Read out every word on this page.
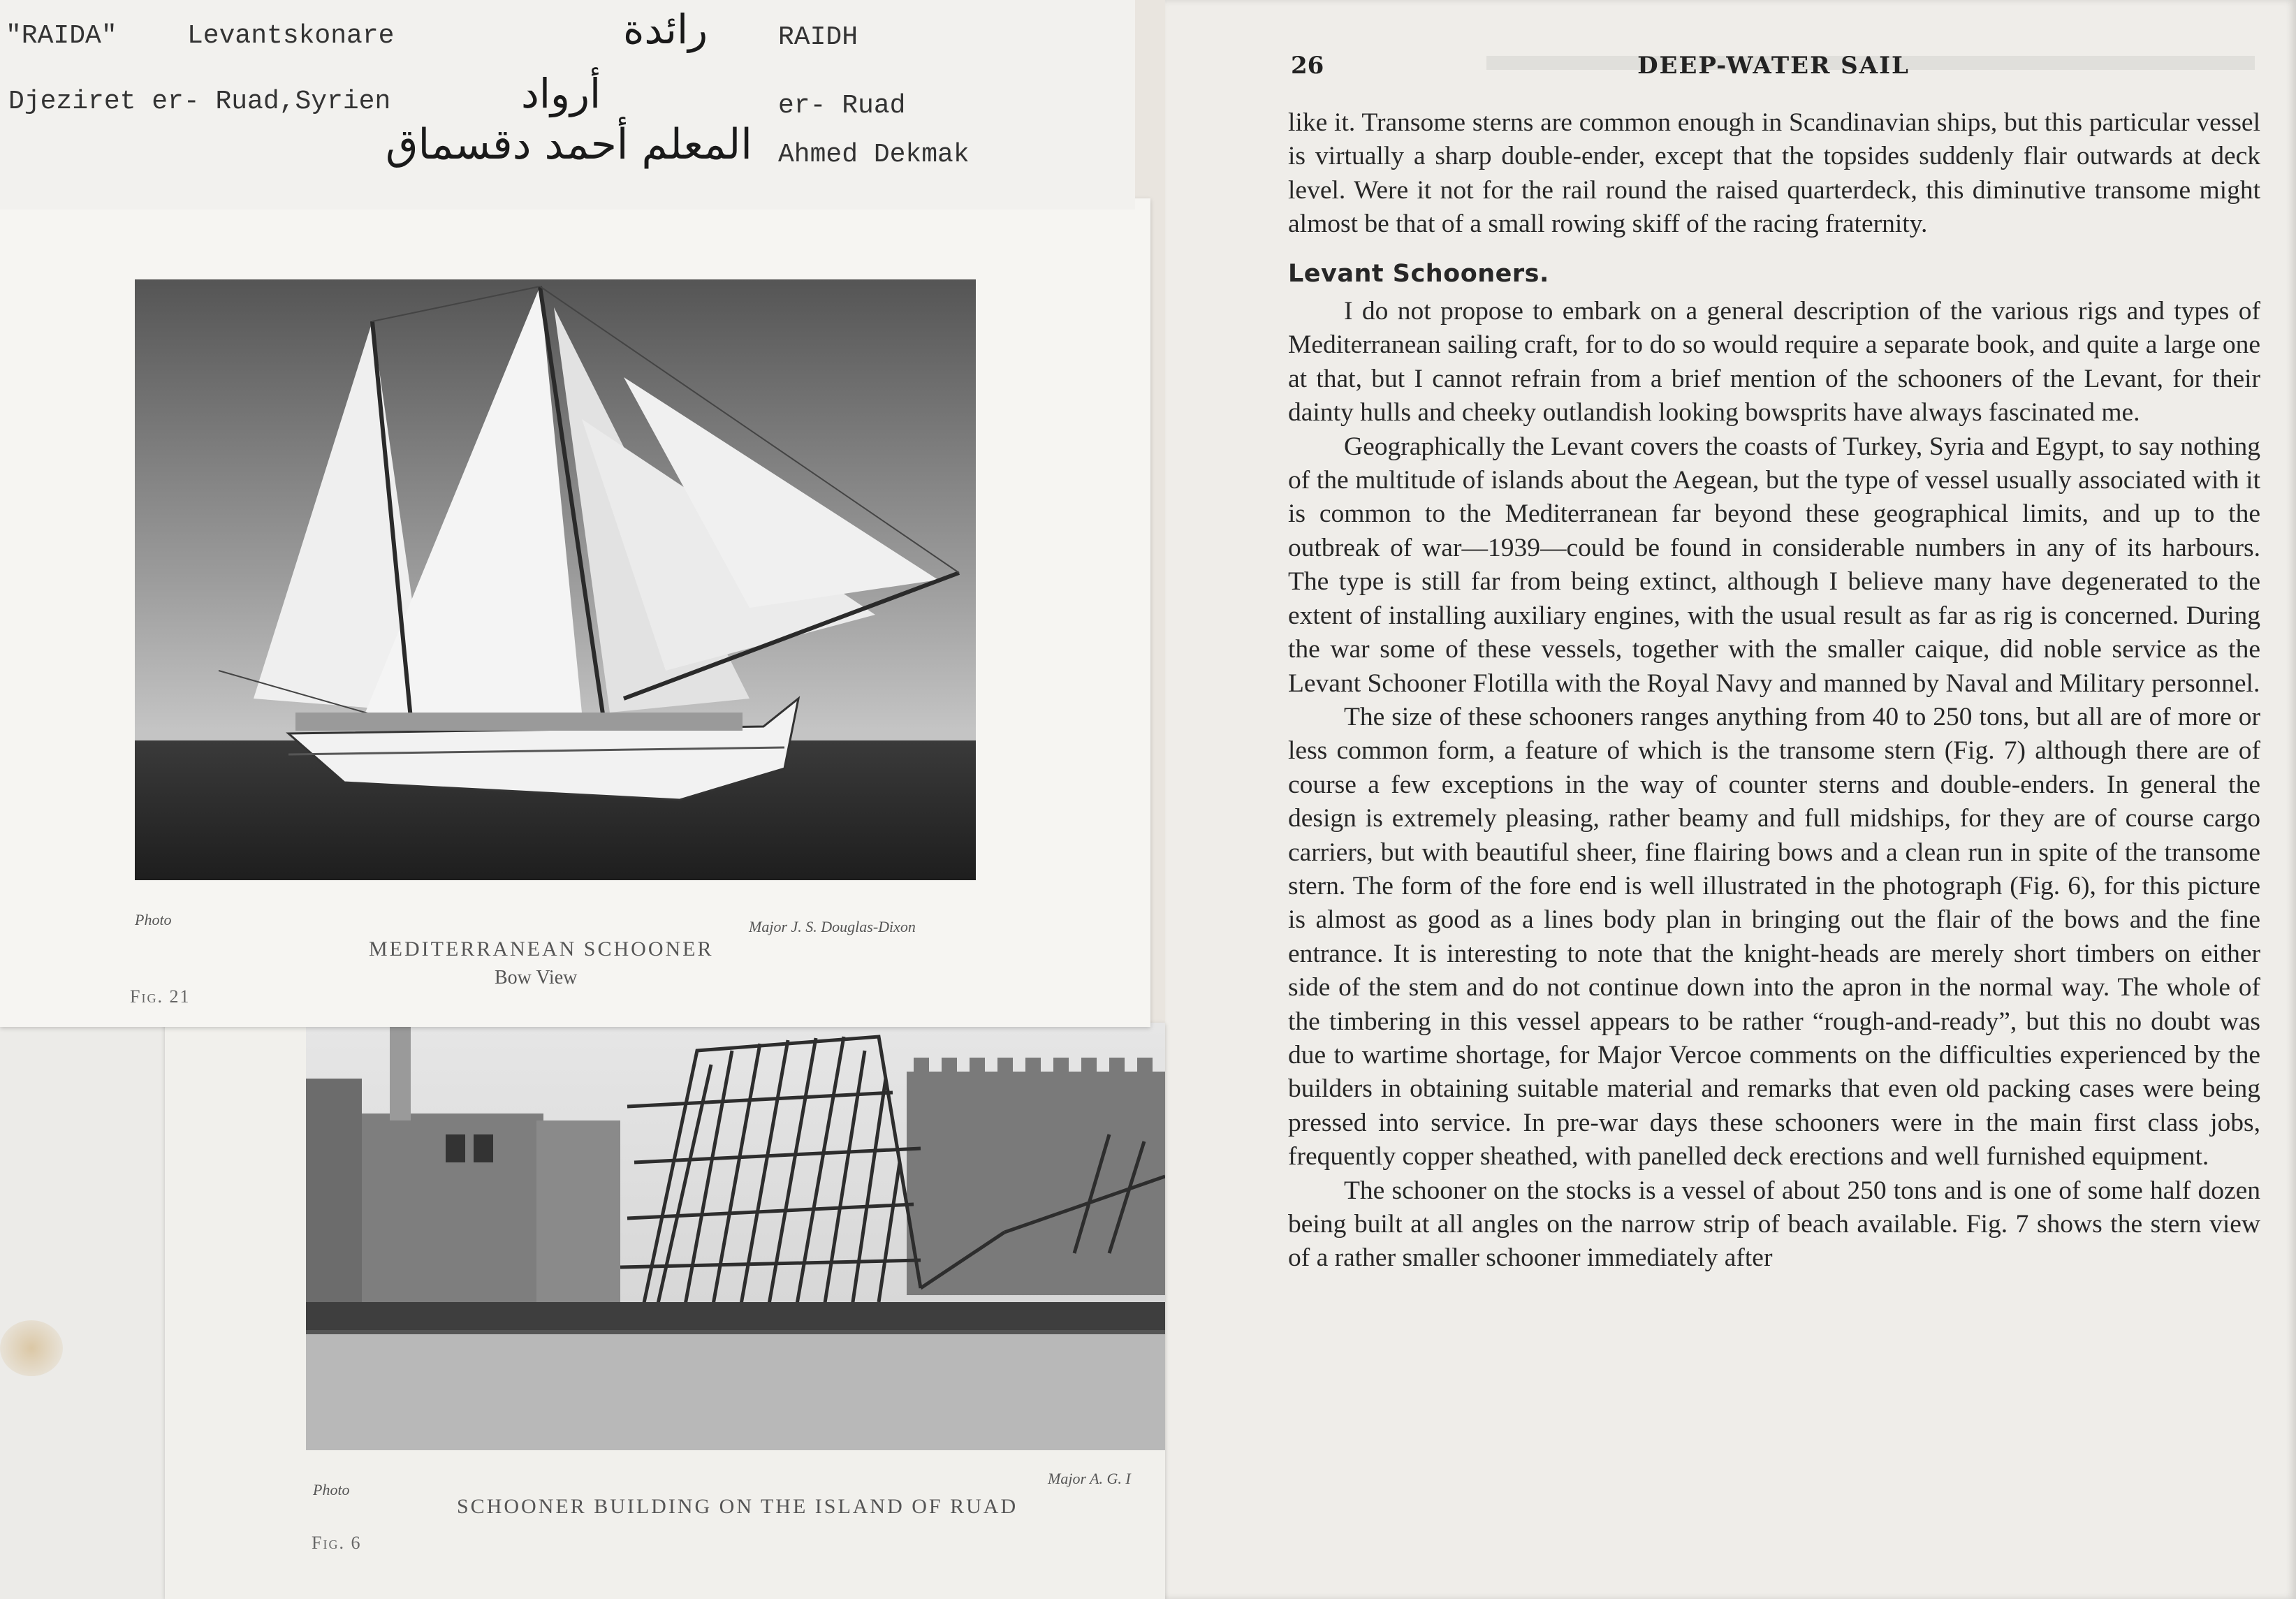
DEEP-WATER SAIL
26

like it. Transome sterns are common enough in Scandinavian ships, but this particular vessel is virtually a sharp double-ender, except that the topsides suddenly flair outwards at deck level. Were it not for the rail round the raised quarterdeck, this diminutive transome might almost be that of a small rowing skiff of the racing fraternity.

Levant Schooners.

I do not propose to embark on a general description of the various rigs and types of Mediterranean sailing craft, for to do so would require a separate book, and quite a large one at that, but I cannot refrain from a brief mention of the schooners of the Levant, for their dainty hulls and cheeky outlandish looking bowsprits have always fascinated me.

Geographically the Levant covers the coasts of Turkey, Syria and Egypt, to say nothing of the multitude of islands about the Aegean, but the type of vessel usually associated with it is common to the Mediterranean far beyond these geographical limits, and up to the outbreak of war—1939—could be found in considerable numbers in any of its harbours. The type is still far from being extinct, although I believe many have degenerated to the extent of installing auxiliary engines, with the usual result as far as rig is concerned. During the war some of these vessels, together with the smaller caique, did noble service as the Levant Schooner Flotilla with the Royal Navy and manned by Naval and Military personnel.

The size of these schooners ranges anything from 40 to 250 tons, but all are of more or less common form, a feature of which is the transome stern (Fig. 7) although there are of course a few exceptions in the way of counter sterns and double-enders. In general the design is extremely pleasing, rather beamy and full midships, for they are of course cargo carriers, but with beautiful sheer, fine flairing bows and a clean run in spite of the transome stern. The form of the fore end is well illustrated in the photograph (Fig. 6), for this picture is almost as good as a lines body plan in bringing out the flair of the bows and the fine entrance. It is interesting to note that the knight-heads are merely short timbers on either side of the stem and do not continue down into the apron in the normal way. The whole of the timbering in this vessel appears to be rather “rough-and-ready”, but this no doubt was due to wartime shortage, for Major Vercoe comments on the difficulties experienced by the builders in obtaining suitable material and remarks that even old packing cases were being pressed into service. In pre-war days these schooners were in the main first class jobs, frequently copper sheathed, with panelled deck erections and well furnished equipment.

The schooner on the stocks is a vessel of about 250 tons and is one of some half dozen being built at all angles on the narrow strip of beach available. Fig. 7 shows the stern view of a rather smaller schooner immediately after

Photo
Major A. G. I
SCHOONER BUILDING ON THE ISLAND OF RUAD
Fig. 6
Photo	Major J. S. Douglas-Dixon
MEDITERRANEAN SCHOONER
Bow View
Fig. 21
"RAIDA"	Levantskonare	رائدة	RAIDH
Djeziret er- Ruad,Syrien	أرواد	er- Ruad
المعلم أحمد دقسماق Ahmed Dekmak
